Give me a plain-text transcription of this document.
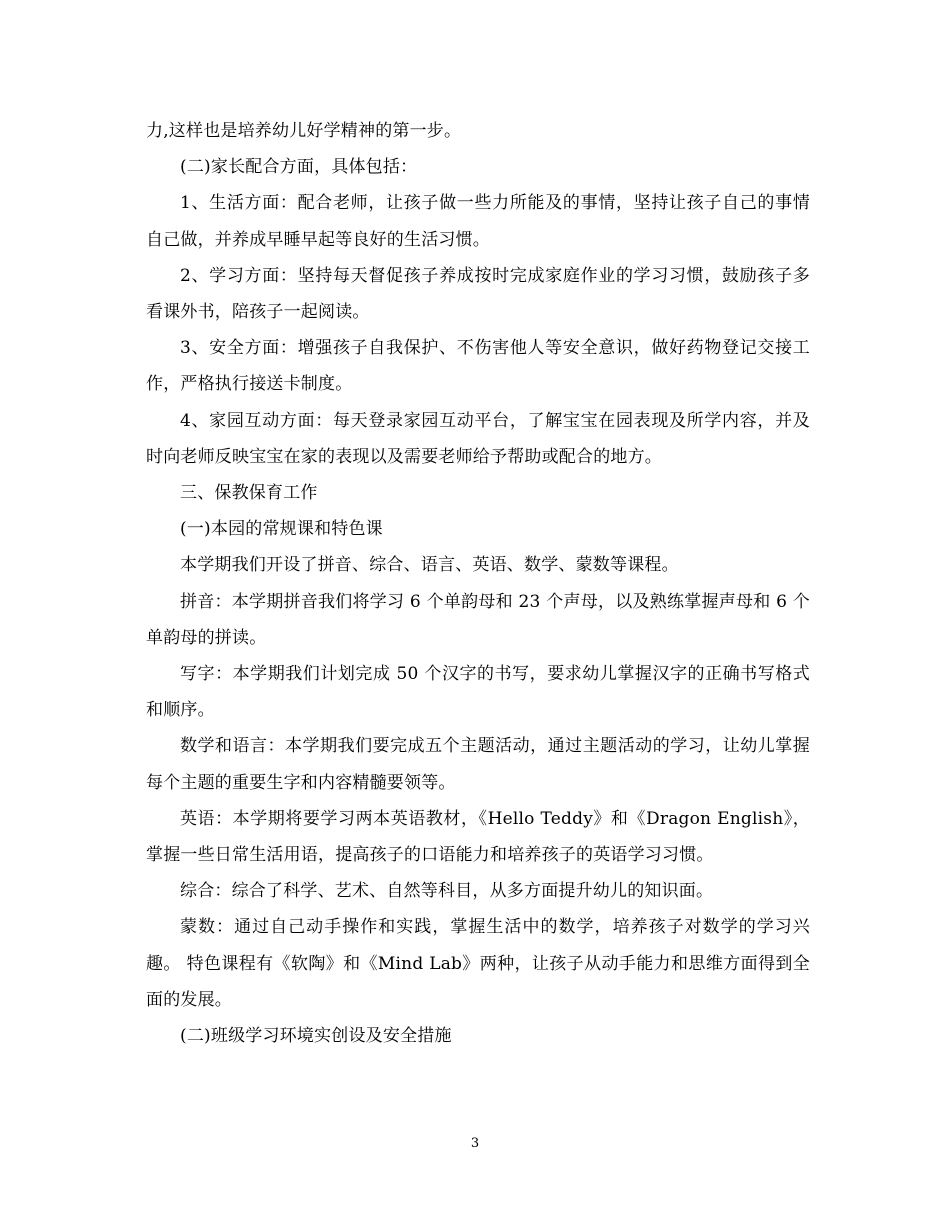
力,这样也是培养幼儿好学精神的第一步。

(二)家长配合方面，具体包括：

1、生活方面：配合老师，让孩子做一些力所能及的事情，坚持让孩子自己的事情自己做，并养成早睡早起等良好的生活习惯。

2、学习方面：坚持每天督促孩子养成按时完成家庭作业的学习习惯，鼓励孩子多看课外书，陪孩子一起阅读。

3、安全方面：增强孩子自我保护、不伤害他人等安全意识，做好药物登记交接工作，严格执行接送卡制度。

4、家园互动方面：每天登录家园互动平台，了解宝宝在园表现及所学内容，并及时向老师反映宝宝在家的表现以及需要老师给予帮助或配合的地方。

三、保教保育工作

(一)本园的常规课和特色课

本学期我们开设了拼音、综合、语言、英语、数学、蒙数等课程。

拼音：本学期拼音我们将学习 6 个单韵母和 23 个声母，以及熟练掌握声母和 6 个单韵母的拼读。

写字：本学期我们计划完成 50 个汉字的书写，要求幼儿掌握汉字的正确书写格式和顺序。

数学和语言：本学期我们要完成五个主题活动，通过主题活动的学习，让幼儿掌握每个主题的重要生字和内容精髓要领等。

英语：本学期将要学习两本英语教材，《Hello Teddy》和《Dragon English》，掌握一些日常生活用语，提高孩子的口语能力和培养孩子的英语学习习惯。

综合：综合了科学、艺术、自然等科目，从多方面提升幼儿的知识面。

蒙数：通过自己动手操作和实践，掌握生活中的数学，培养孩子对数学的学习兴趣。 特色课程有《软陶》和《Mind Lab》两种，让孩子从动手能力和思维方面得到全面的发展。

(二)班级学习环境实创设及安全措施

3
